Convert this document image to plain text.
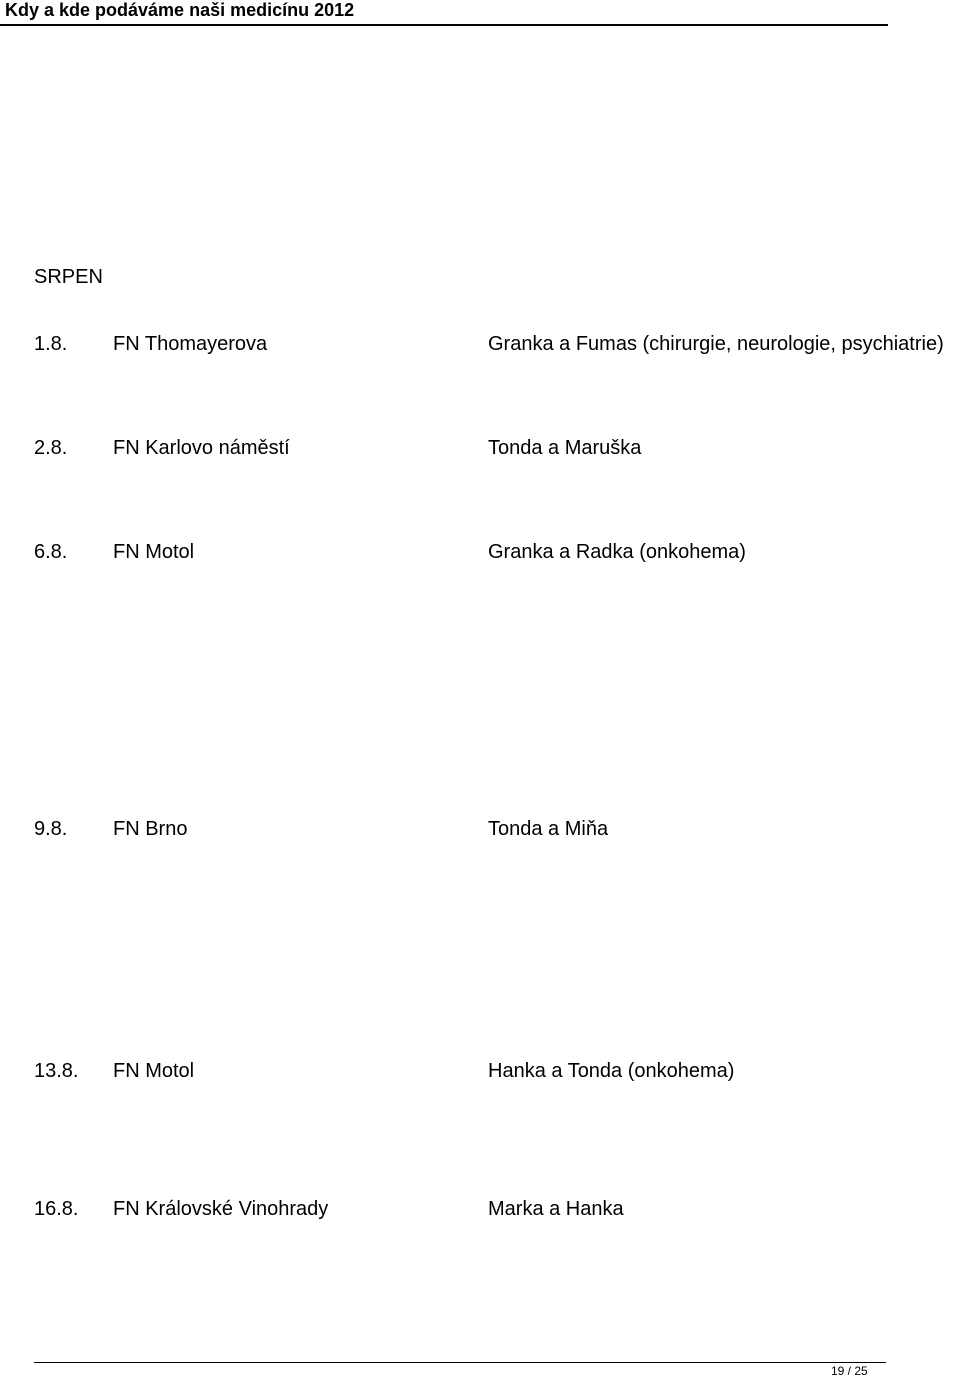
Kdy a kde podáváme naši medicínu 2012
SRPEN
1.8. FN Thomayerova	Granka a Fumas (chirurgie, neurologie, psychiatrie)
2.8. FN Karlovo náměstí	Tonda a Maruška
6.8. FN Motol	Granka a Radka (onkohema)
9.8. FN Brno	Tonda a Miňa
13.8. FN Motol	Hanka a Tonda (onkohema)
16.8. FN Královské Vinohrady	Marka a Hanka
19 / 25
